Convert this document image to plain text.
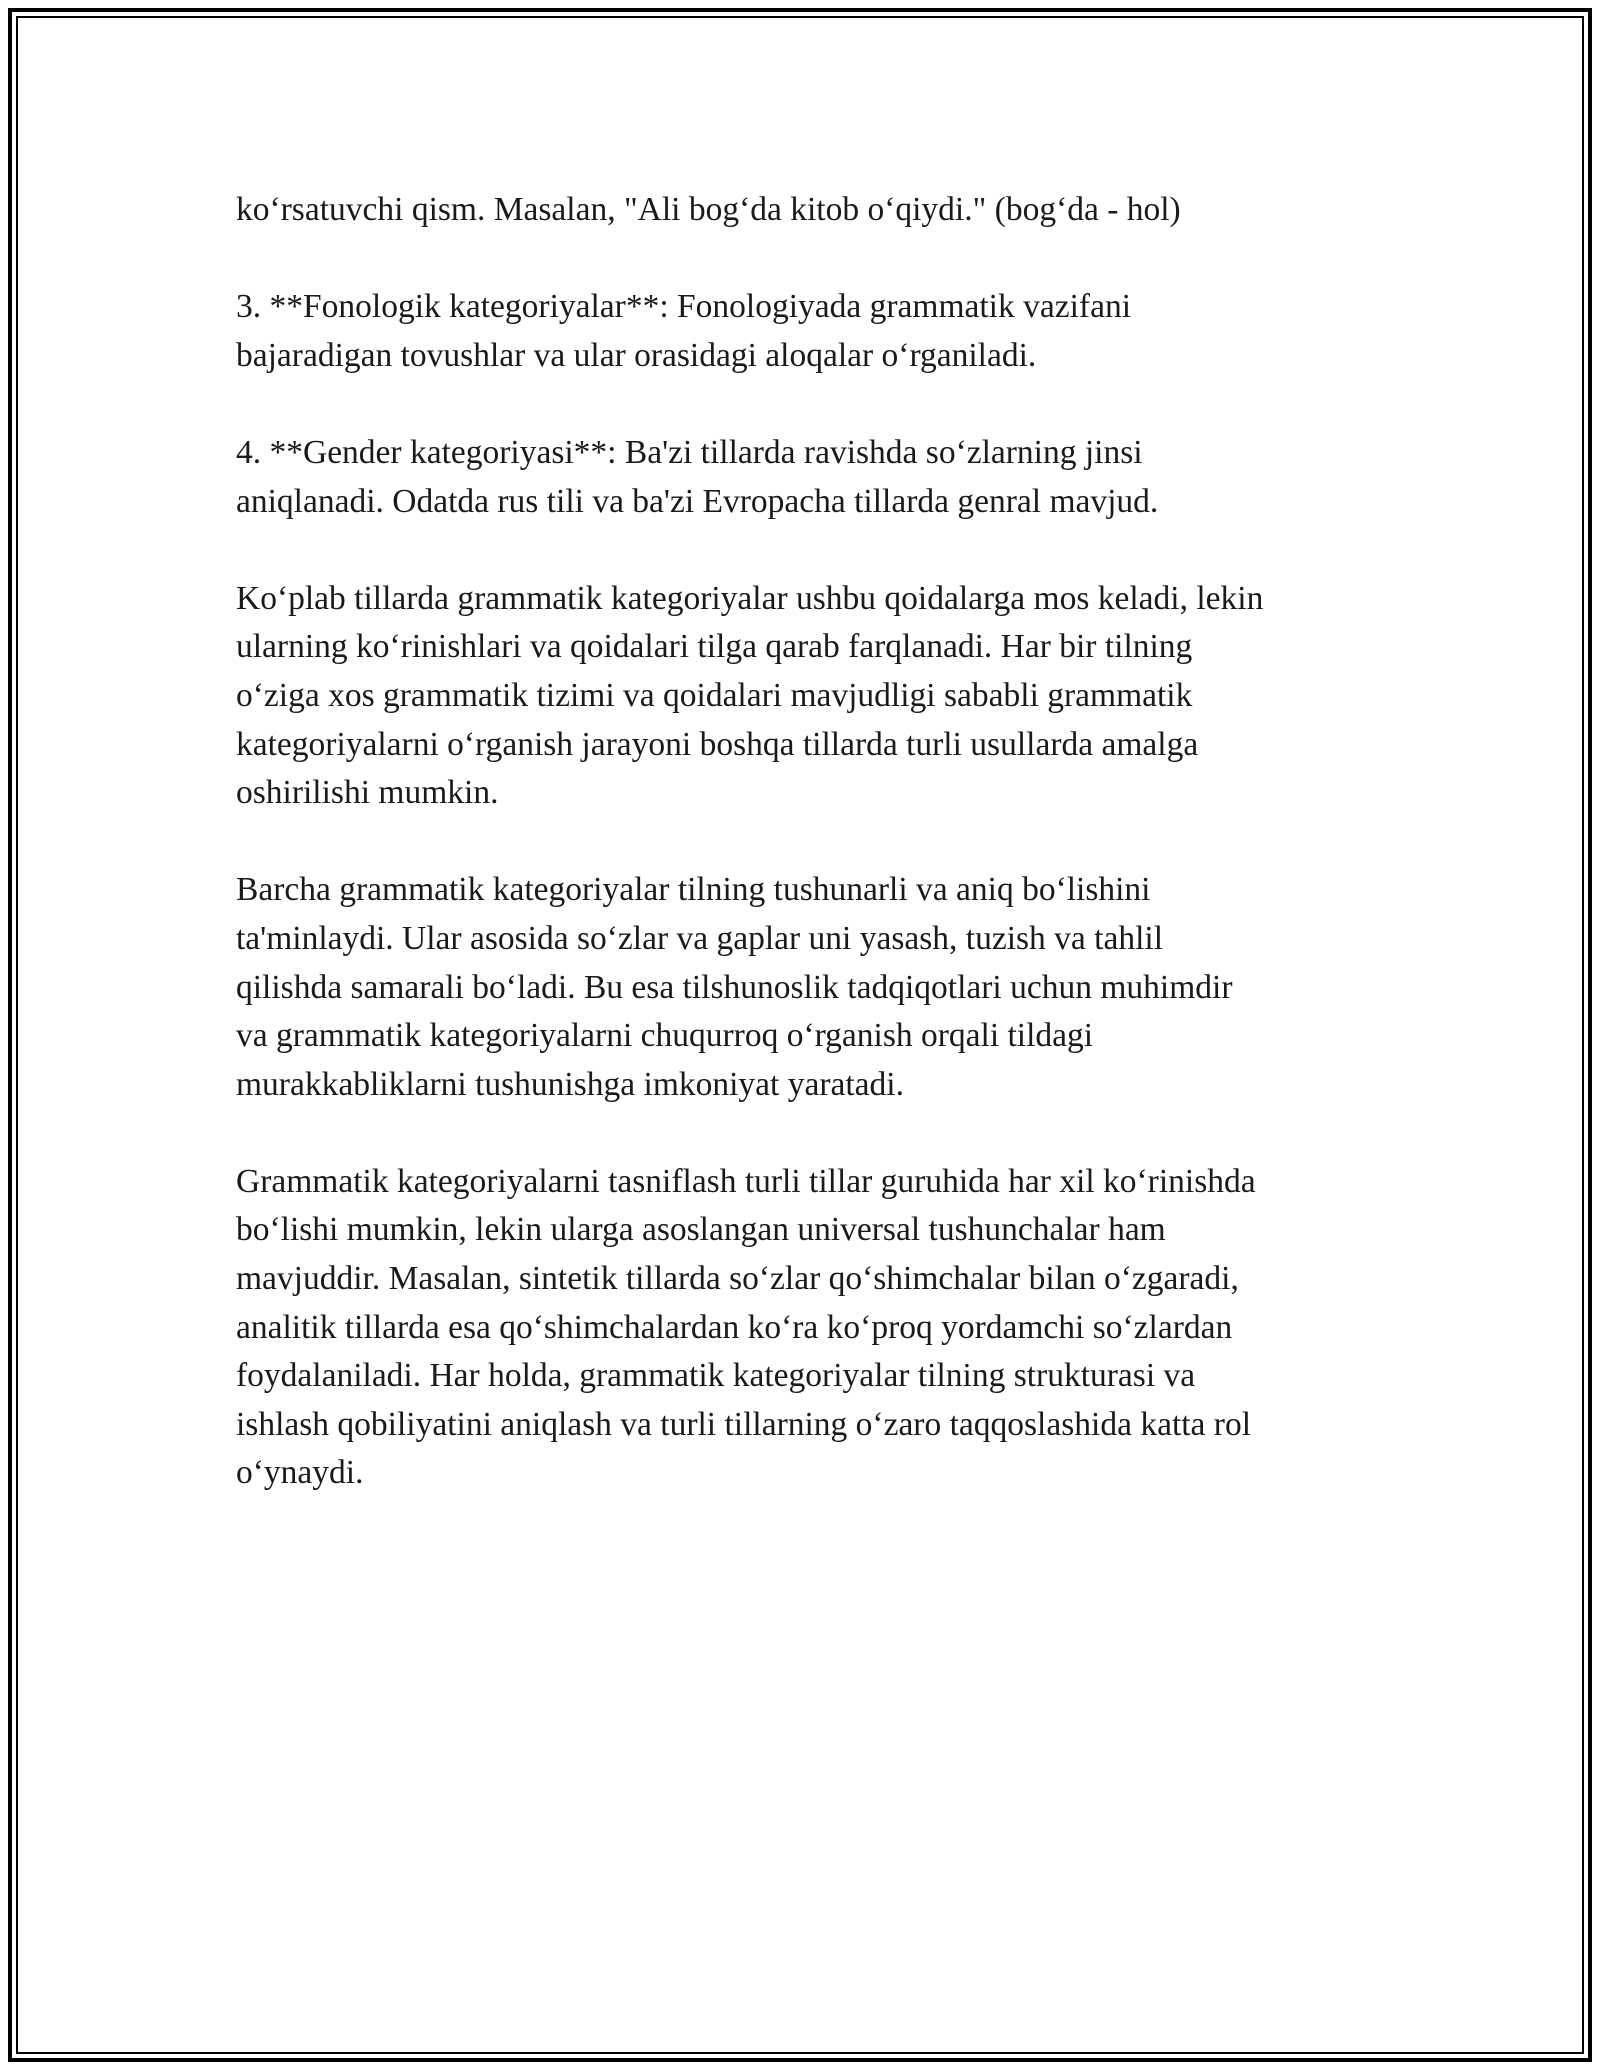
ko‘rsatuvchi qism. Masalan, "Ali bog‘da kitob o‘qiydi." (bog‘da - hol)

3. **Fonologik kategoriyalar**: Fonologiyada grammatik vazifani
bajaradigan tovushlar va ular orasidagi aloqalar o‘rganiladi.

4. **Gender kategoriyasi**: Ba'zi tillarda ravishda so‘zlarning jinsi
aniqlanadi. Odatda rus tili va ba'zi Evropacha tillarda genral mavjud.

Ko‘plab tillarda grammatik kategoriyalar ushbu qoidalarga mos keladi, lekin
ularning ko‘rinishlari va qoidalari tilga qarab farqlanadi. Har bir tilning
o‘ziga xos grammatik tizimi va qoidalari mavjudligi sababli grammatik
kategoriyalarni o‘rganish jarayoni boshqa tillarda turli usullarda amalga
oshirilishi mumkin.

Barcha grammatik kategoriyalar tilning tushunarli va aniq bo‘lishini
ta'minlaydi. Ular asosida so‘zlar va gaplar uni yasash, tuzish va tahlil
qilishda samarali bo‘ladi. Bu esa tilshunoslik tadqiqotlari uchun muhimdir
va grammatik kategoriyalarni chuqurroq o‘rganish orqali tildagi
murakkabliklarni tushunishga imkoniyat yaratadi.

Grammatik kategoriyalarni tasniflash turli tillar guruhida har xil ko‘rinishda
bo‘lishi mumkin, lekin ularga asoslangan universal tushunchalar ham
mavjuddir. Masalan, sintetik tillarda so‘zlar qo‘shimchalar bilan o‘zgaradi,
analitik tillarda esa qo‘shimchalardan ko‘ra ko‘proq yordamchi so‘zlardan
foydalaniladi. Har holda, grammatik kategoriyalar tilning strukturasi va
ishlash qobiliyatini aniqlash va turli tillarning o‘zaro taqqoslashida katta rol
o‘ynaydi.
